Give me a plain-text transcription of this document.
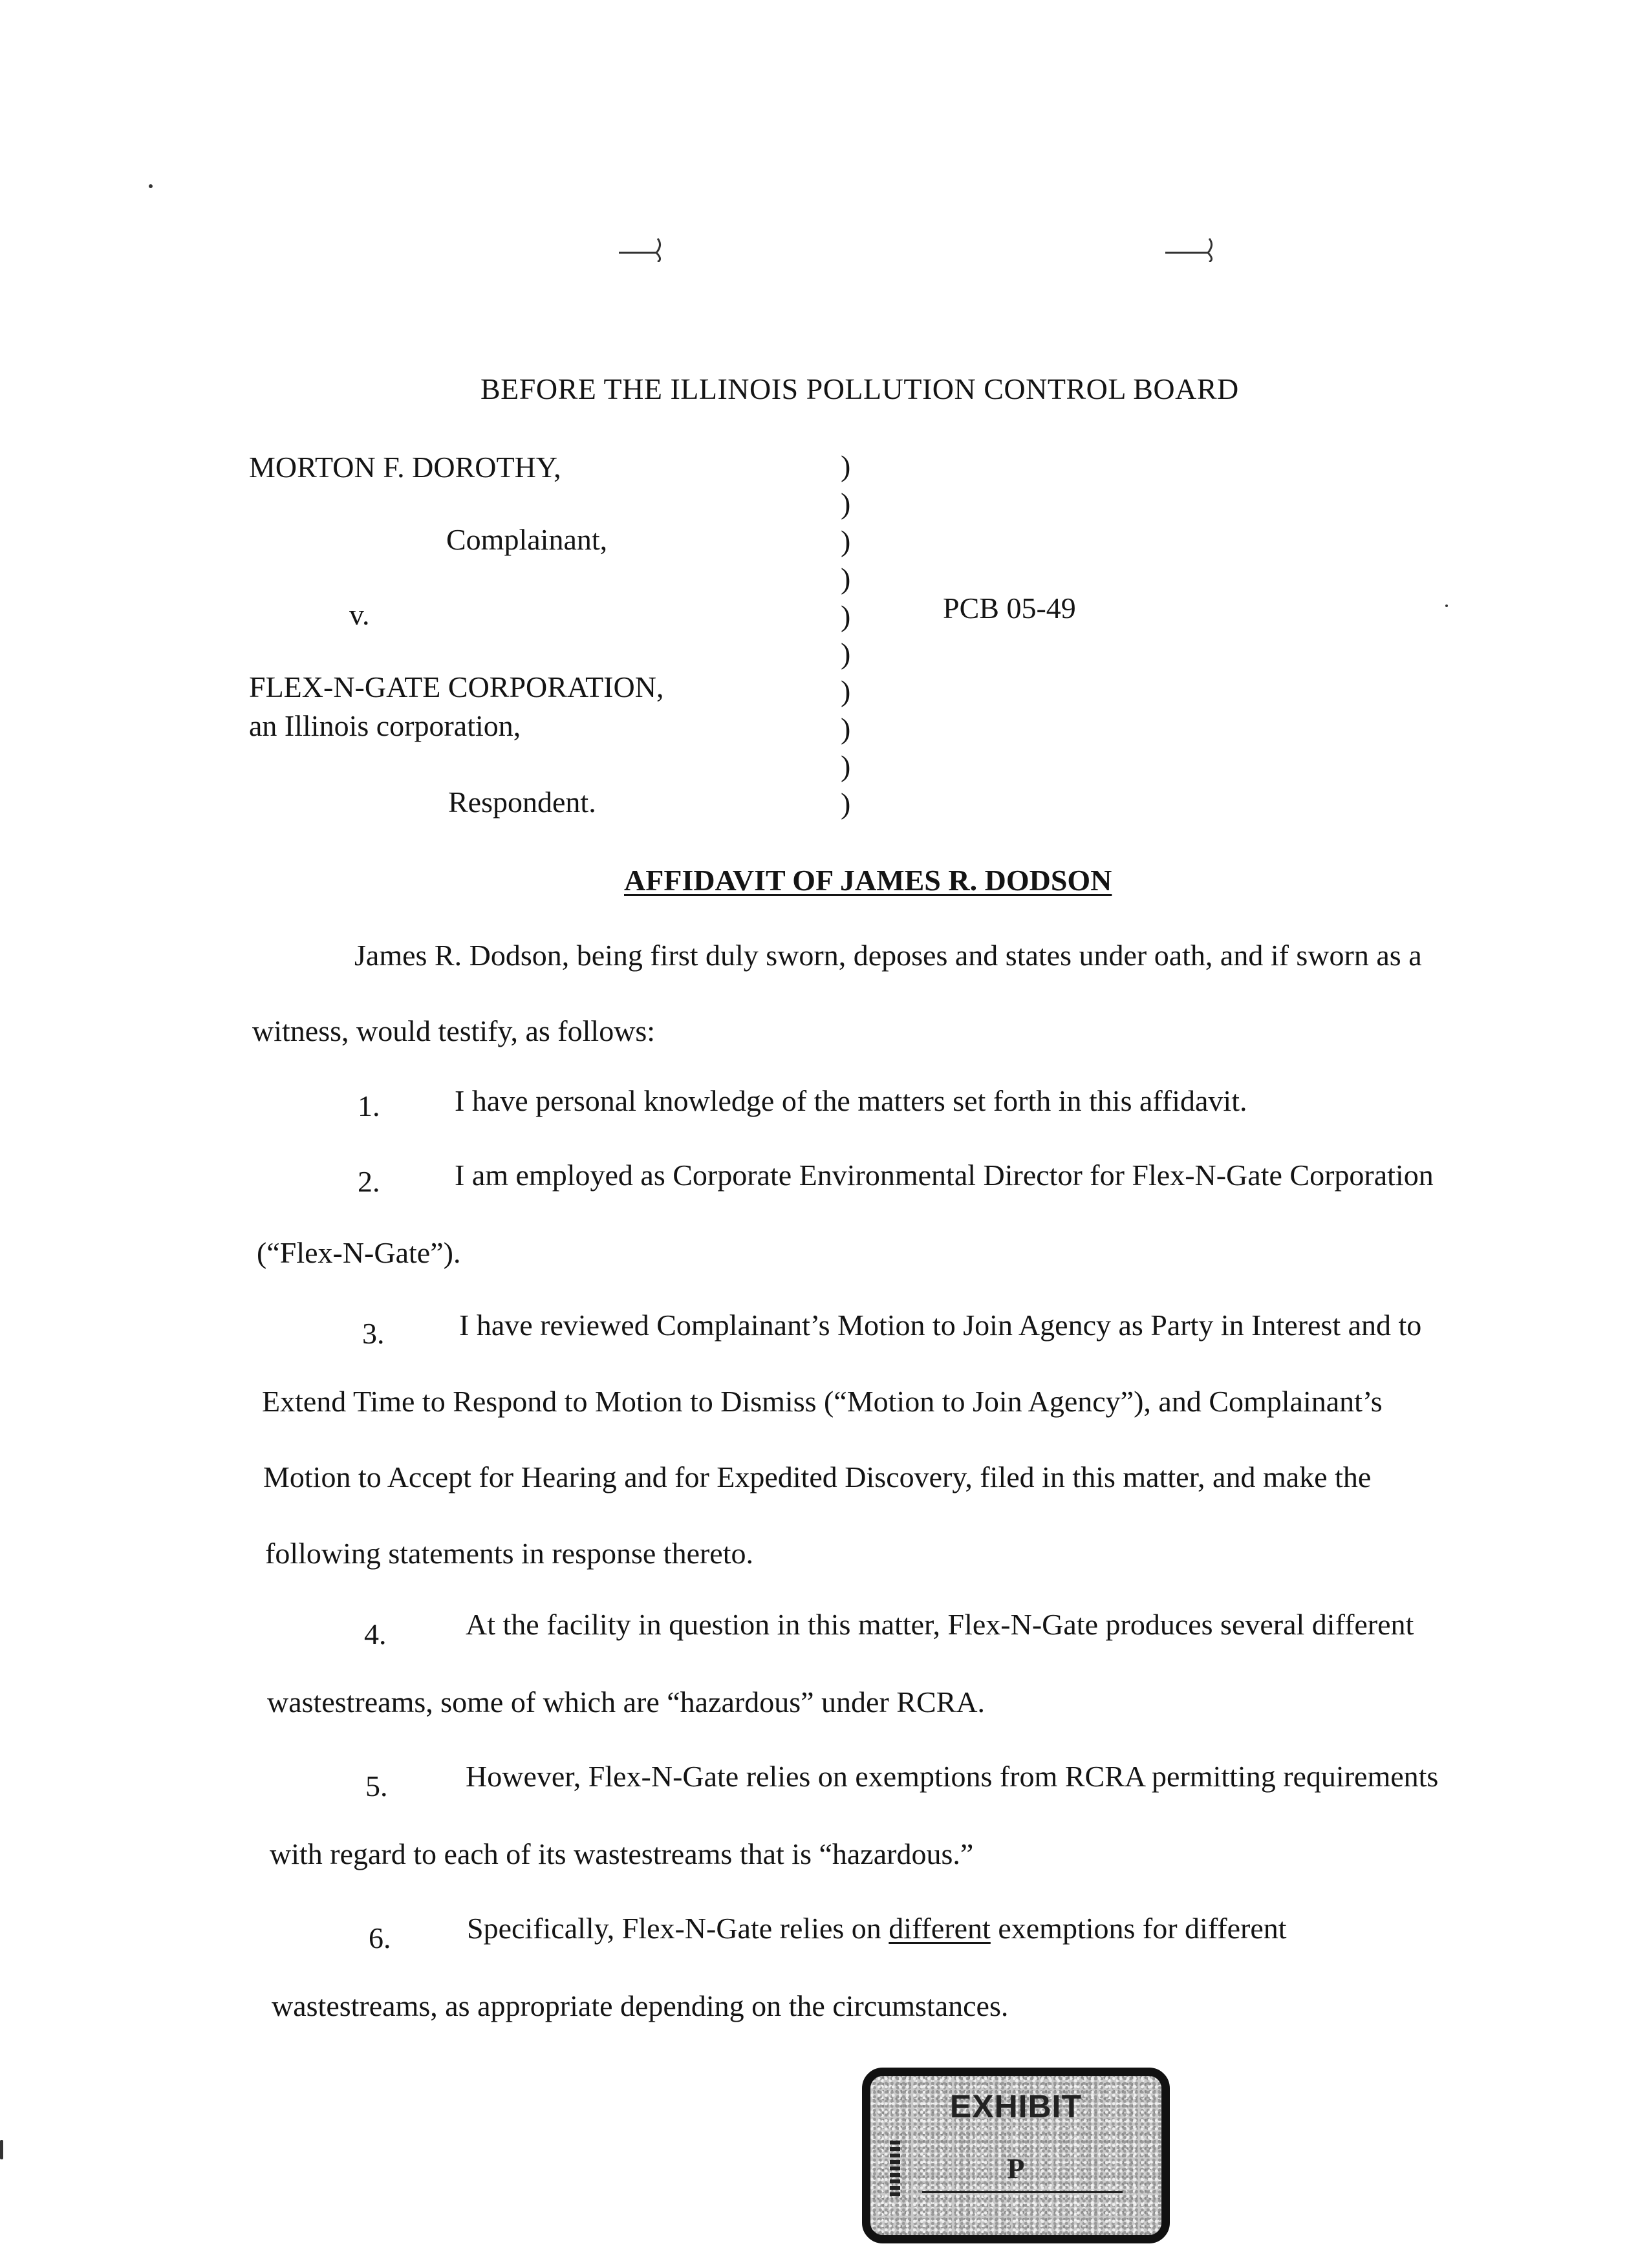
BEFORE THE ILLINOIS POLLUTION CONTROL BOARD
MORTON F. DOROTHY,
Complainant,
v.
FLEX-N-GATE CORPORATION,
an Illinois corporation,
Respondent.
)
)
)
)
)
)
)
)
)
)
PCB 05-49
AFFIDAVIT OF JAMES R. DODSON
James R. Dodson, being first duly sworn, deposes and states under oath, and if sworn as a
witness, would testify, as follows:
1.	I have personal knowledge of the matters set forth in this affidavit.
2.	I am employed as Corporate Environmental Director for Flex-N-Gate Corporation
(“Flex-N-Gate”).
3.	I have reviewed Complainant’s Motion to Join Agency as Party in Interest and to
Extend Time to Respond to Motion to Dismiss (“Motion to Join Agency”), and Complainant’s
Motion to Accept for Hearing and for Expedited Discovery, filed in this matter, and make the
following statements in response thereto.
4.	At the facility in question in this matter, Flex-N-Gate produces several different
wastestreams, some of which are “hazardous” under RCRA.
5.	However, Flex-N-Gate relies on exemptions from RCRA permitting requirements
with regard to each of its wastestreams that is “hazardous.”
6.	Specifically, Flex-N-Gate relies on different exemptions for different
wastestreams, as appropriate depending on the circumstances.
EXHIBIT
P
